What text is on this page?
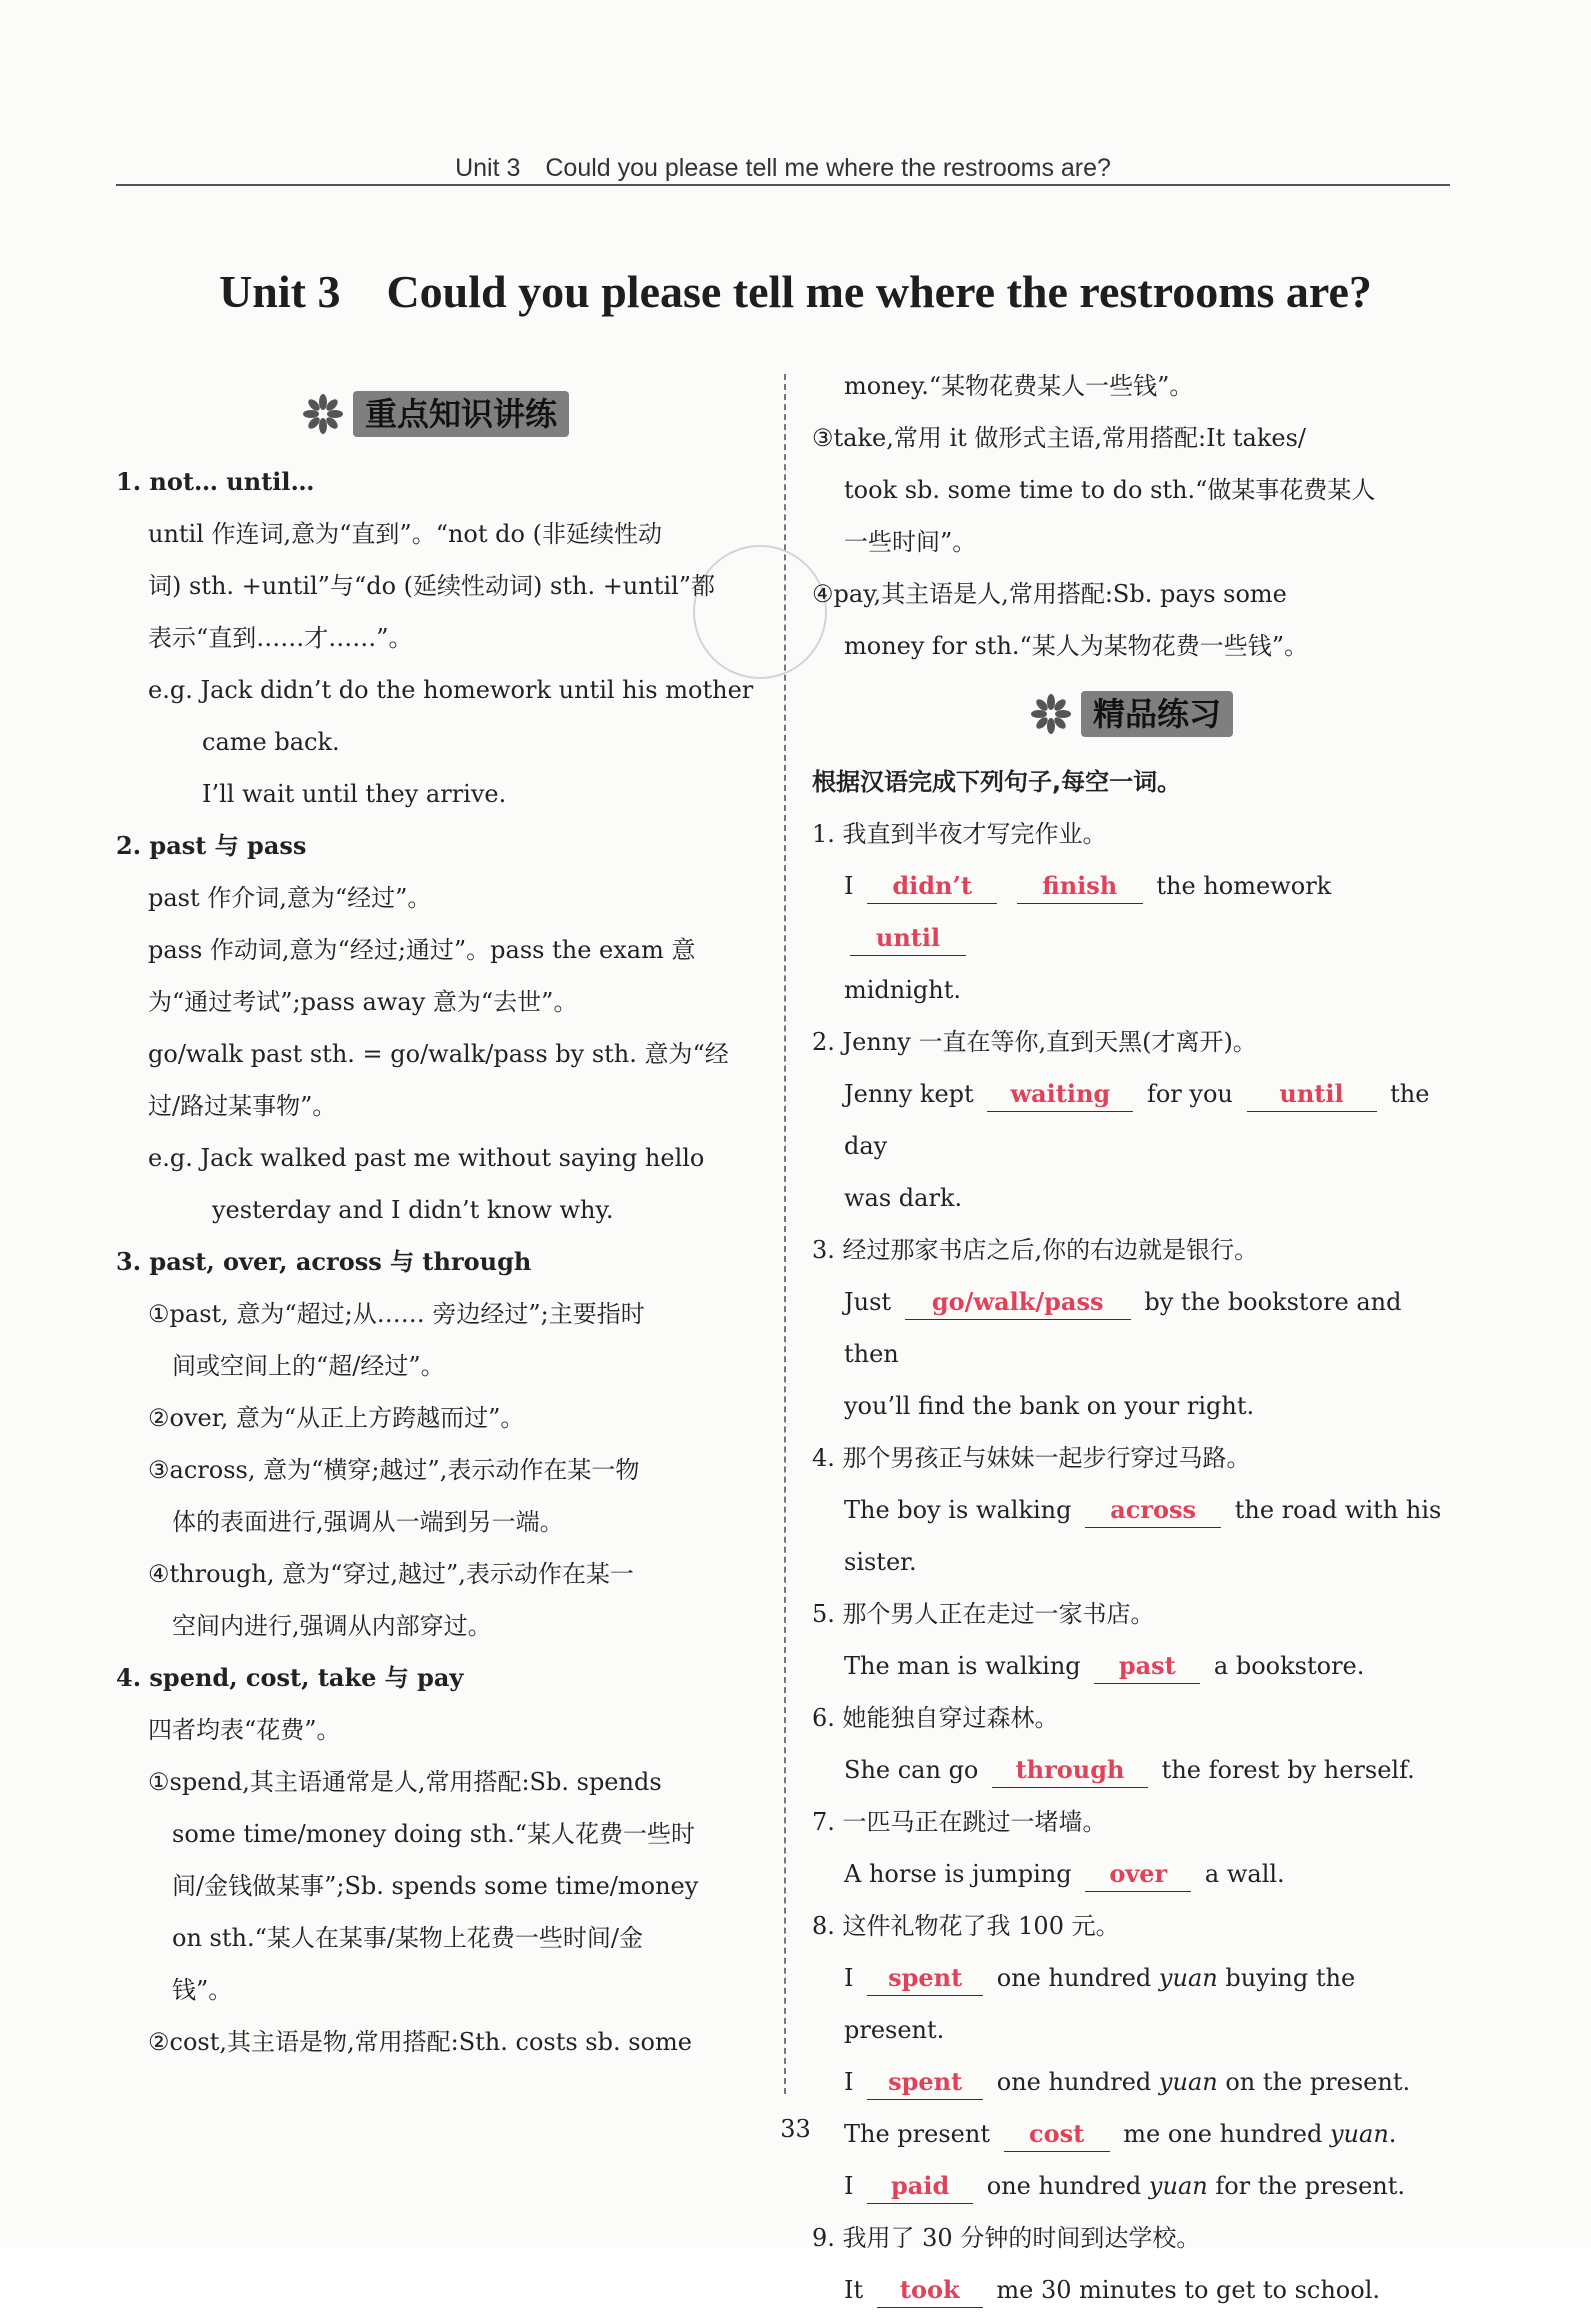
Unit 3　Could you please tell me where the restrooms are?
Unit 3　Could you please tell me where the restrooms are?
重点知识讲练

1. not… until…

until 作连词,意为“直到”。“not do (非延续性动

词) sth. +until”与“do (延续性动词) sth. +until”都

表示“直到……才……”。

e.g. Jack didn’t do the homework until his mother

came back.

I’ll wait until they arrive.

2. past 与 pass

past 作介词,意为“经过”。

pass 作动词,意为“经过;通过”。pass the exam 意

为“通过考试”;pass away 意为“去世”。

go/walk past sth. = go/walk/pass by sth. 意为“经

过/路过某事物”。

e.g. Jack walked past me without saying hello

yesterday and I didn’t know why.

3. past, over, across 与 through

①past, 意为“超过;从…… 旁边经过”;主要指时

间或空间上的“超/经过”。

②over, 意为“从正上方跨越而过”。

③across, 意为“横穿;越过”,表示动作在某一物

体的表面进行,强调从一端到另一端。

④through, 意为“穿过,越过”,表示动作在某一

空间内进行,强调从内部穿过。

4. spend, cost, take 与 pay

四者均表“花费”。

①spend,其主语通常是人,常用搭配:Sb. spends

some time/money doing sth.“某人花费一些时

间/金钱做某事”;Sb. spends some time/money

on sth.“某人在某事/某物上花费一些时间/金

钱”。

②cost,其主语是物,常用搭配:Sth. costs sb. some

money.“某物花费某人一些钱”。

③take,常用 it 做形式主语,常用搭配:It takes/

took sb. some time to do sth.“做某事花费某人

一些时间”。

④pay,其主语是人,常用搭配:Sb. pays some

money for sth.“某人为某物花费一些钱”。

精品练习

根据汉语完成下列句子,每空一词。

1. 我直到半夜才写完作业。

I didn’t	finish the homework until

midnight.

2. Jenny 一直在等你,直到天黑(才离开)。

Jenny kept waiting for you until the day

was dark.

3. 经过那家书店之后,你的右边就是银行。

Just go/walk/pass by the bookstore and then

you’ll find the bank on your right.

4. 那个男孩正与妹妹一起步行穿过马路。

The boy is walking across the road with his

sister.

5. 那个男人正在走过一家书店。

The man is walking past a bookstore.

6. 她能独自穿过森林。

She can go through the forest by herself.

7. 一匹马正在跳过一堵墙。

A horse is jumping over a wall.

8. 这件礼物花了我 100 元。

I spent one hundred yuan buying the present.

I spent one hundred yuan on the present.

The present cost me one hundred yuan.

I paid one hundred yuan for the present.

9. 我用了 30 分钟的时间到达学校。

It took me 30 minutes to get to school.

33
